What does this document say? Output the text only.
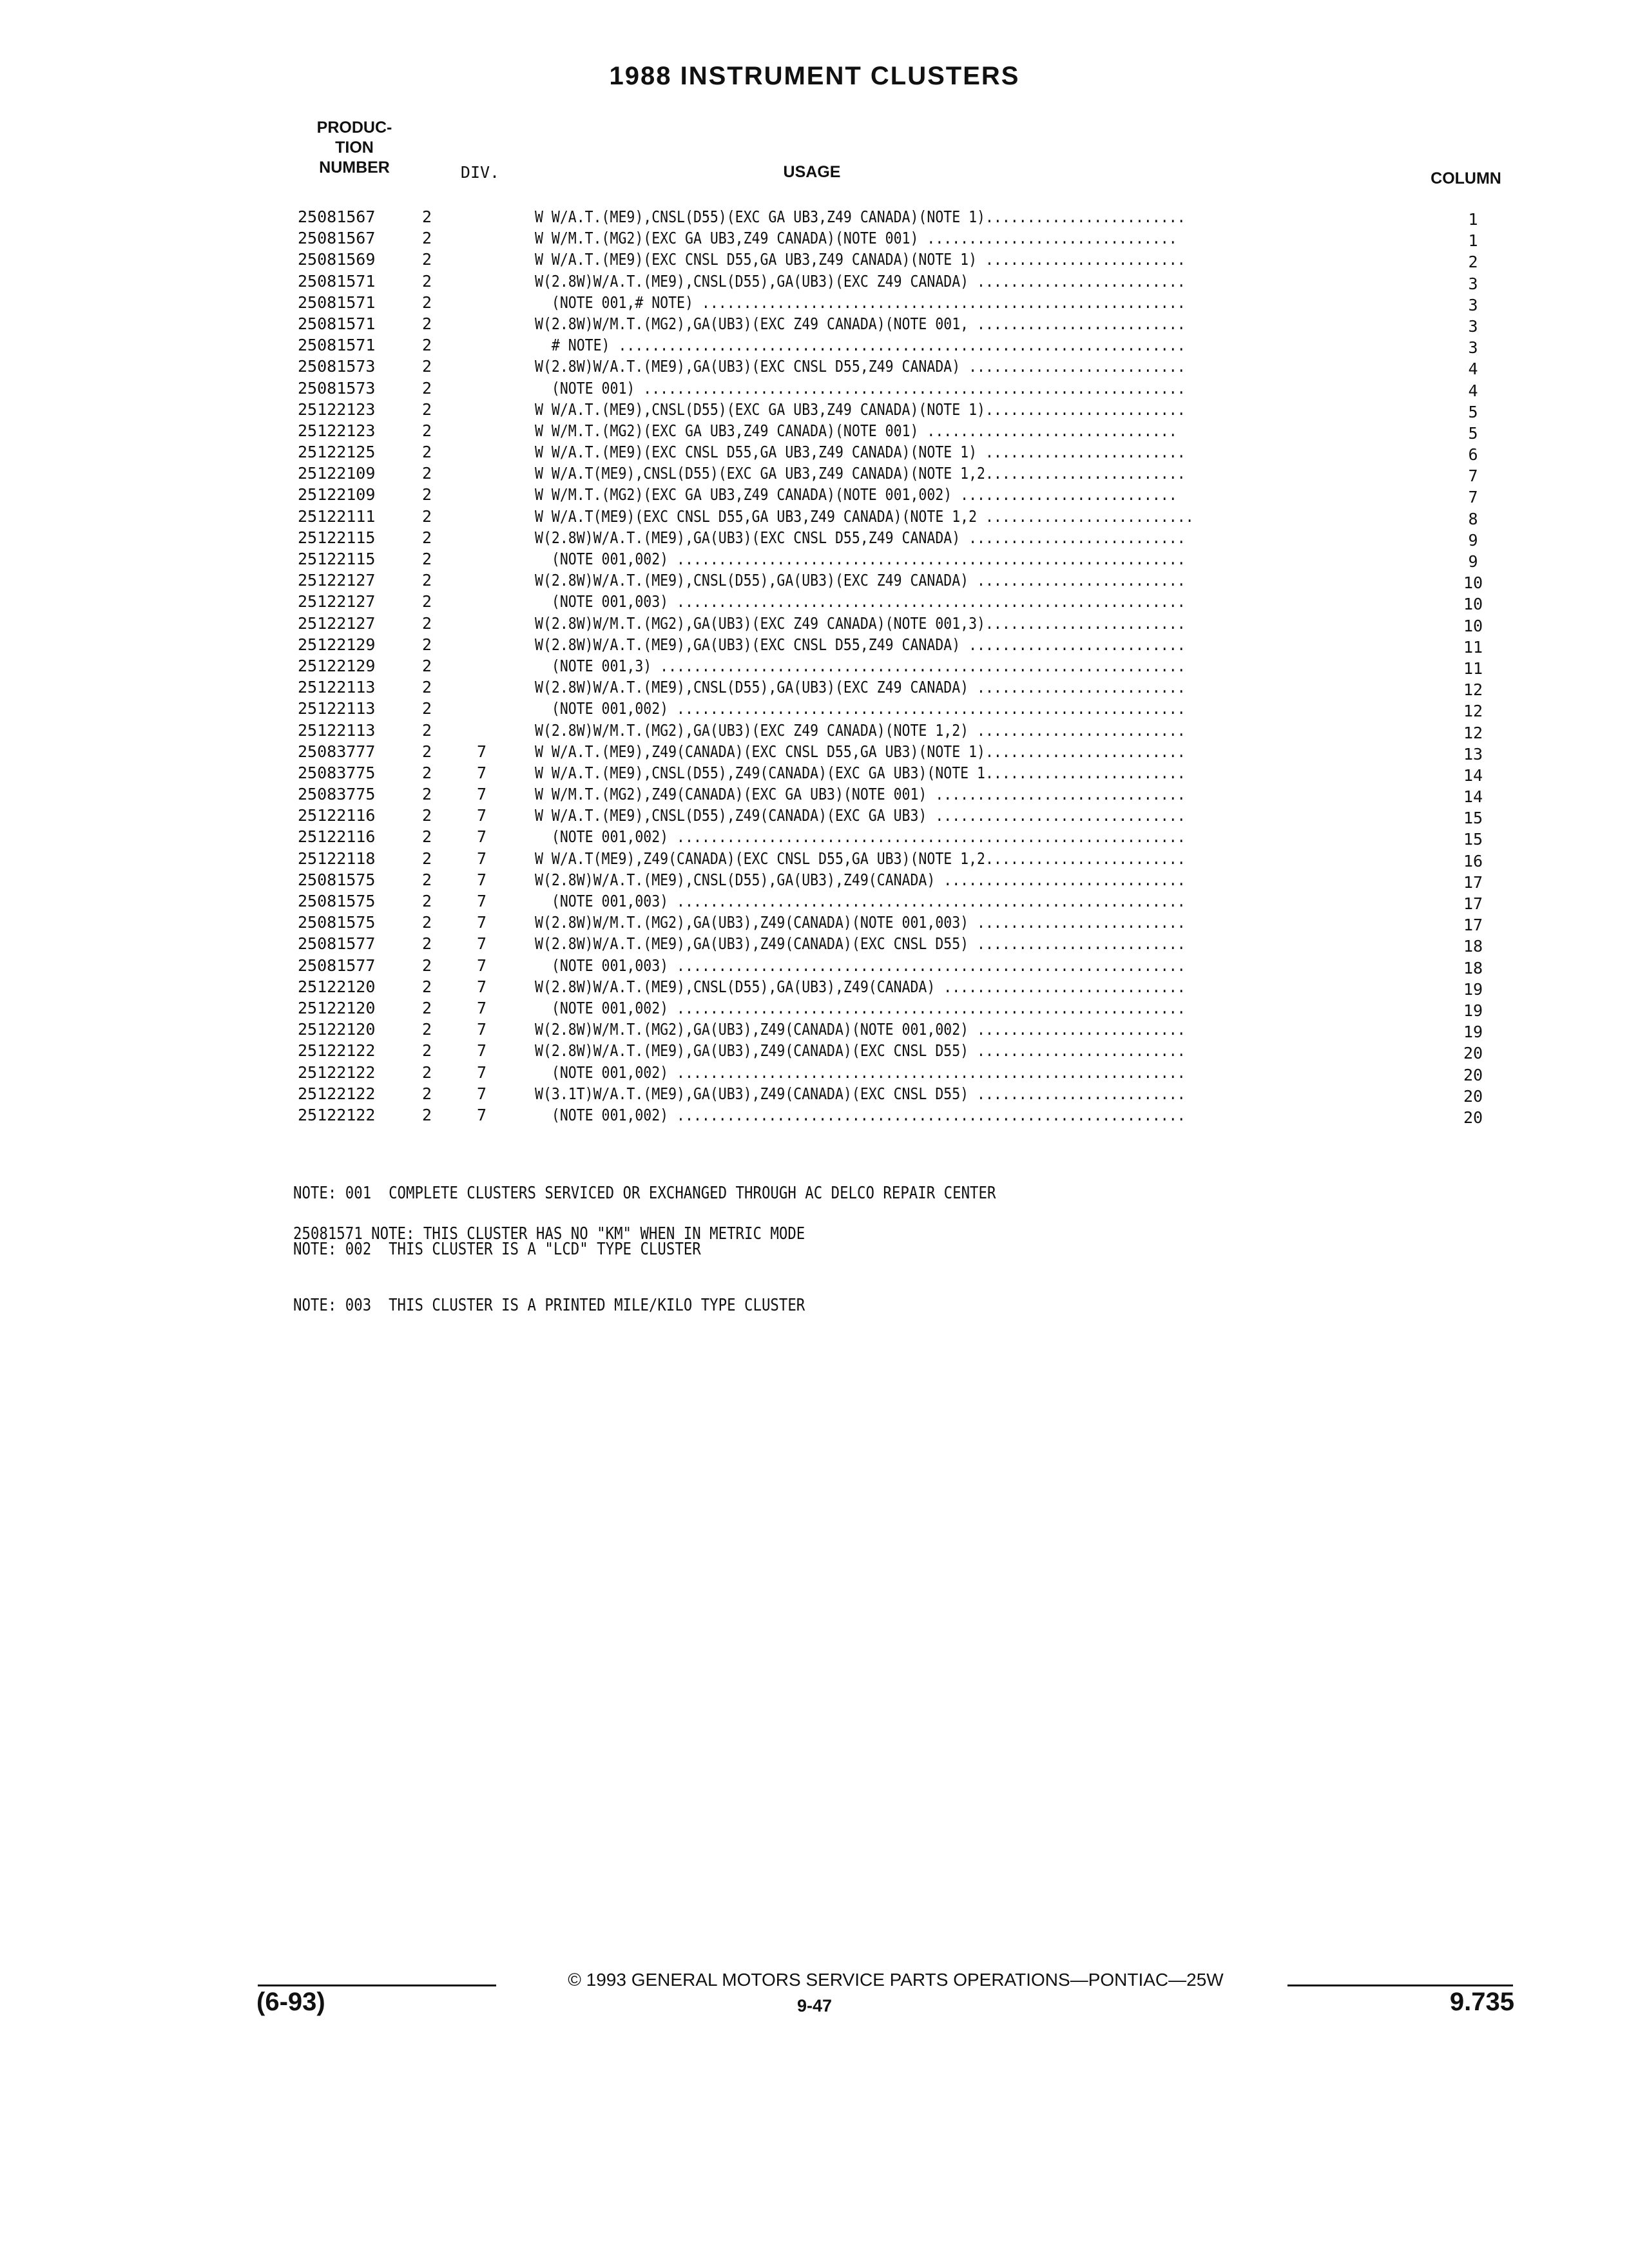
1988 INSTRUMENT CLUSTERS
PRODUC-
TION
NUMBER	DIV.	USAGE	COLUMN
25081567	2	W W/A.T.(ME9),CNSL(D55)(EXC GA UB3,Z49 CANADA)(NOTE 1)........................	1
25081567	2	W W/M.T.(MG2)(EXC GA UB3,Z49 CANADA)(NOTE 001) ..............................	1
25081569	2	W W/A.T.(ME9)(EXC CNSL D55,GA UB3,Z49 CANADA)(NOTE 1) ........................	2
25081571	2	W(2.8W)W/A.T.(ME9),CNSL(D55),GA(UB3)(EXC Z49 CANADA) .........................	3
25081571	2	(NOTE 001,# NOTE) ..........................................................	3
25081571	2	W(2.8W)W/M.T.(MG2),GA(UB3)(EXC Z49 CANADA)(NOTE 001, .........................	3
25081571	2	# NOTE) ....................................................................	3
25081573	2	W(2.8W)W/A.T.(ME9),GA(UB3)(EXC CNSL D55,Z49 CANADA) ..........................	4
25081573	2	(NOTE 001) .................................................................	4
25122123	2	W W/A.T.(ME9),CNSL(D55)(EXC GA UB3,Z49 CANADA)(NOTE 1)........................	5
25122123	2	W W/M.T.(MG2)(EXC GA UB3,Z49 CANADA)(NOTE 001) ..............................	5
25122125	2	W W/A.T.(ME9)(EXC CNSL D55,GA UB3,Z49 CANADA)(NOTE 1) ........................	6
25122109	2	W W/A.T(ME9),CNSL(D55)(EXC GA UB3,Z49 CANADA)(NOTE 1,2........................	7
25122109	2	W W/M.T.(MG2)(EXC GA UB3,Z49 CANADA)(NOTE 001,002) ..........................	7
25122111	2	W W/A.T(ME9)(EXC CNSL D55,GA UB3,Z49 CANADA)(NOTE 1,2 .........................	8
25122115	2	W(2.8W)W/A.T.(ME9),GA(UB3)(EXC CNSL D55,Z49 CANADA) ..........................	9
25122115	2	(NOTE 001,002) .............................................................	9
25122127	2	W(2.8W)W/A.T.(ME9),CNSL(D55),GA(UB3)(EXC Z49 CANADA) .........................	10
25122127	2	(NOTE 001,003) .............................................................	10
25122127	2	W(2.8W)W/M.T.(MG2),GA(UB3)(EXC Z49 CANADA)(NOTE 001,3)........................	10
25122129	2	W(2.8W)W/A.T.(ME9),GA(UB3)(EXC CNSL D55,Z49 CANADA) ..........................	11
25122129	2	(NOTE 001,3) ...............................................................	11
25122113	2	W(2.8W)W/A.T.(ME9),CNSL(D55),GA(UB3)(EXC Z49 CANADA) .........................	12
25122113	2	(NOTE 001,002) .............................................................	12
25122113	2	W(2.8W)W/M.T.(MG2),GA(UB3)(EXC Z49 CANADA)(NOTE 1,2) .........................	12
25083777	2	7	W W/A.T.(ME9),Z49(CANADA)(EXC CNSL D55,GA UB3)(NOTE 1)........................	13
25083775	2	7	W W/A.T.(ME9),CNSL(D55),Z49(CANADA)(EXC GA UB3)(NOTE 1........................	14
25083775	2	7	W W/M.T.(MG2),Z49(CANADA)(EXC GA UB3)(NOTE 001) ..............................	14
25122116	2	7	W W/A.T.(ME9),CNSL(D55),Z49(CANADA)(EXC GA UB3) ..............................	15
25122116	2	7	(NOTE 001,002) .............................................................	15
25122118	2	7	W W/A.T(ME9),Z49(CANADA)(EXC CNSL D55,GA UB3)(NOTE 1,2........................	16
25081575	2	7	W(2.8W)W/A.T.(ME9),CNSL(D55),GA(UB3),Z49(CANADA) .............................	17
25081575	2	7	(NOTE 001,003) .............................................................	17
25081575	2	7	W(2.8W)W/M.T.(MG2),GA(UB3),Z49(CANADA)(NOTE 001,003) .........................	17
25081577	2	7	W(2.8W)W/A.T.(ME9),GA(UB3),Z49(CANADA)(EXC CNSL D55) .........................	18
25081577	2	7	(NOTE 001,003) .............................................................	18
25122120	2	7	W(2.8W)W/A.T.(ME9),CNSL(D55),GA(UB3),Z49(CANADA) .............................	19
25122120	2	7	(NOTE 001,002) .............................................................	19
25122120	2	7	W(2.8W)W/M.T.(MG2),GA(UB3),Z49(CANADA)(NOTE 001,002) .........................	19
25122122	2	7	W(2.8W)W/A.T.(ME9),GA(UB3),Z49(CANADA)(EXC CNSL D55) .........................	20
25122122	2	7	(NOTE 001,002) .............................................................	20
25122122	2	7	W(3.1T)W/A.T.(ME9),GA(UB3),Z49(CANADA)(EXC CNSL D55) .........................	20
25122122	2	7	(NOTE 001,002) .............................................................	20

NOTE: 001  COMPLETE CLUSTERS SERVICED OR EXCHANGED THROUGH AC DELCO REPAIR CENTER

NOTE: 002  THIS CLUSTER IS A "LCD" TYPE CLUSTER

NOTE: 003  THIS CLUSTER IS A PRINTED MILE/KILO TYPE CLUSTER

25081571 NOTE: THIS CLUSTER HAS NO "KM" WHEN IN METRIC MODE
© 1993 GENERAL MOTORS SERVICE PARTS OPERATIONS—PONTIAC—25W
9-47
(6-93)	9.735
